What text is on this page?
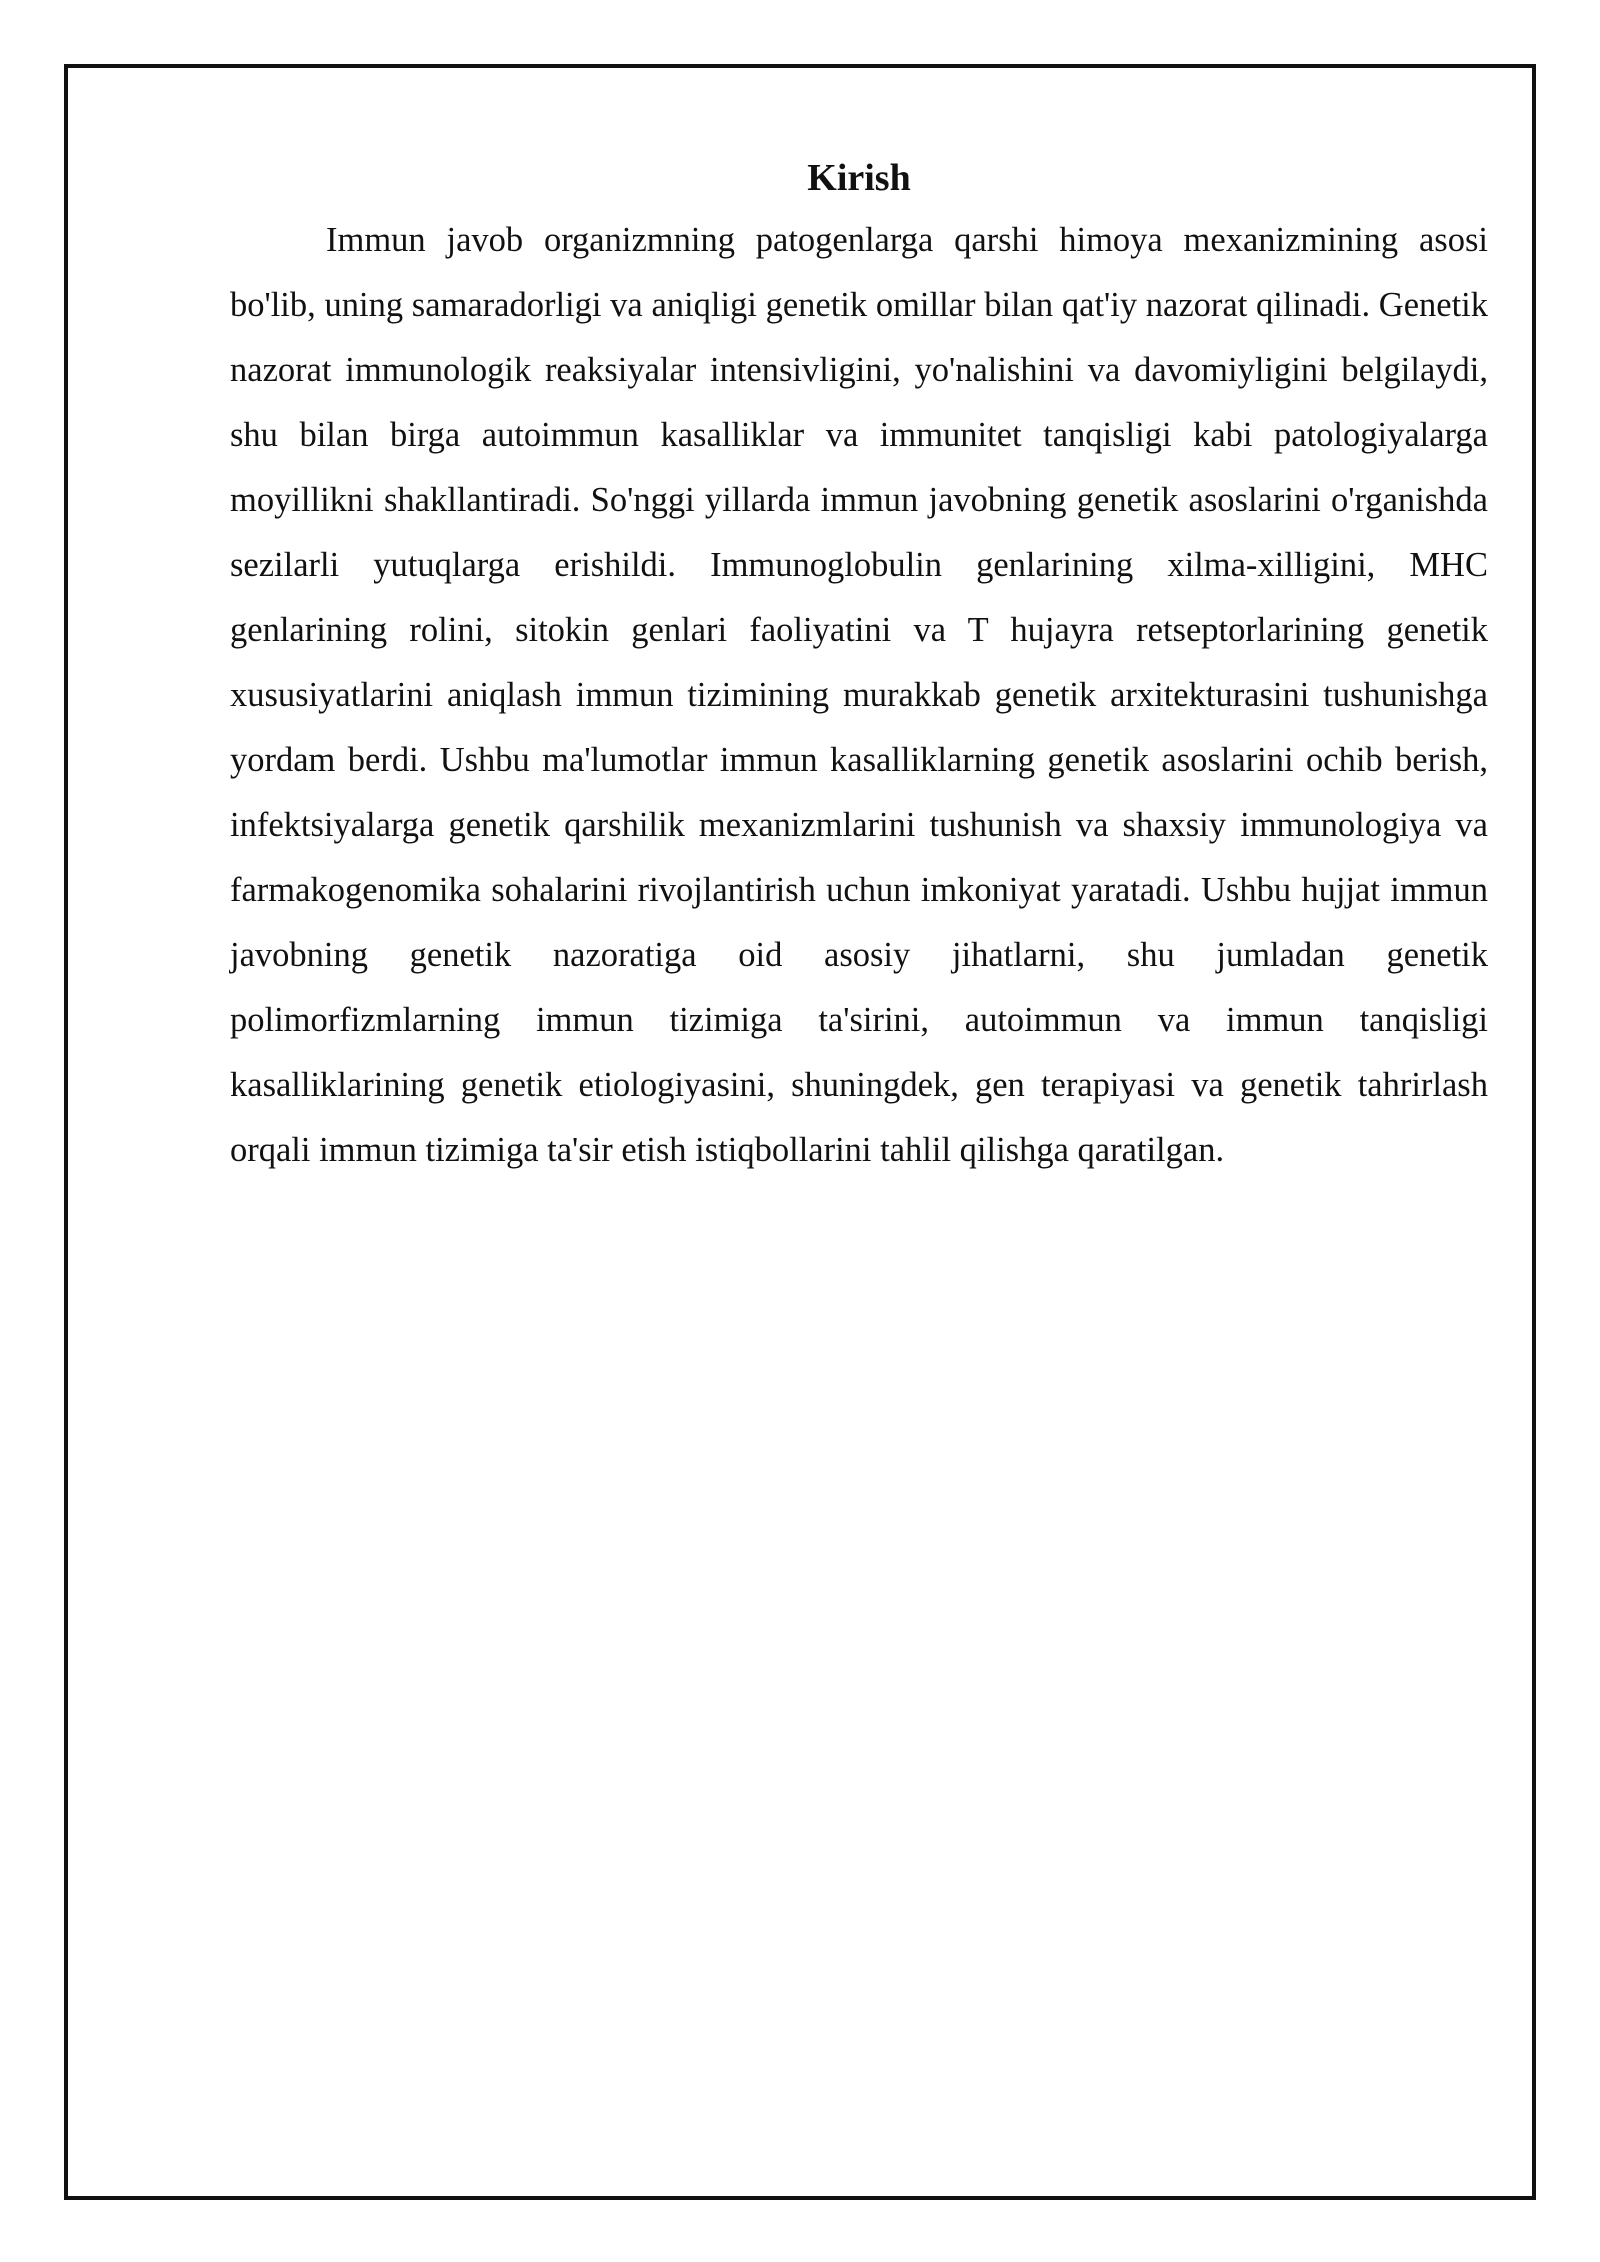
Kirish

Immun javob organizmning patogenlarga qarshi himoya mexanizmining asosi bo'lib, uning samaradorligi va aniqligi genetik omillar bilan qat'iy nazorat qilinadi. Genetik nazorat immunologik reaksiyalar intensivligini, yo'nalishini va davomiyligini belgilaydi, shu bilan birga autoimmun kasalliklar va immunitet tanqisligi kabi patologiyalarga moyillikni shakllantiradi. So'nggi yillarda immun javobning genetik asoslarini o'rganishda sezilarli yutuqlarga erishildi. Immunoglobulin genlarining xilma-xilligini, MHC genlarining rolini, sitokin genlari faoliyatini va T hujayra retseptorlarining genetik xususiyatlarini aniqlash immun tizimining murakkab genetik arxitekturasini tushunishga yordam berdi. Ushbu ma'lumotlar immun kasalliklarning genetik asoslarini ochib berish, infektsiyalarga genetik qarshilik mexanizmlarini tushunish va shaxsiy immunologiya va farmakogenomika sohalarini rivojlantirish uchun imkoniyat yaratadi. Ushbu hujjat immun javobning genetik nazoratiga oid asosiy jihatlarni, shu jumladan genetik polimorfizmlarning immun tizimiga ta'sirini, autoimmun va immun tanqisligi kasalliklarining genetik etiologiyasini, shuningdek, gen terapiyasi va genetik tahrirlash orqali immun tizimiga ta'sir etish istiqbollarini tahlil qilishga qaratilgan.
